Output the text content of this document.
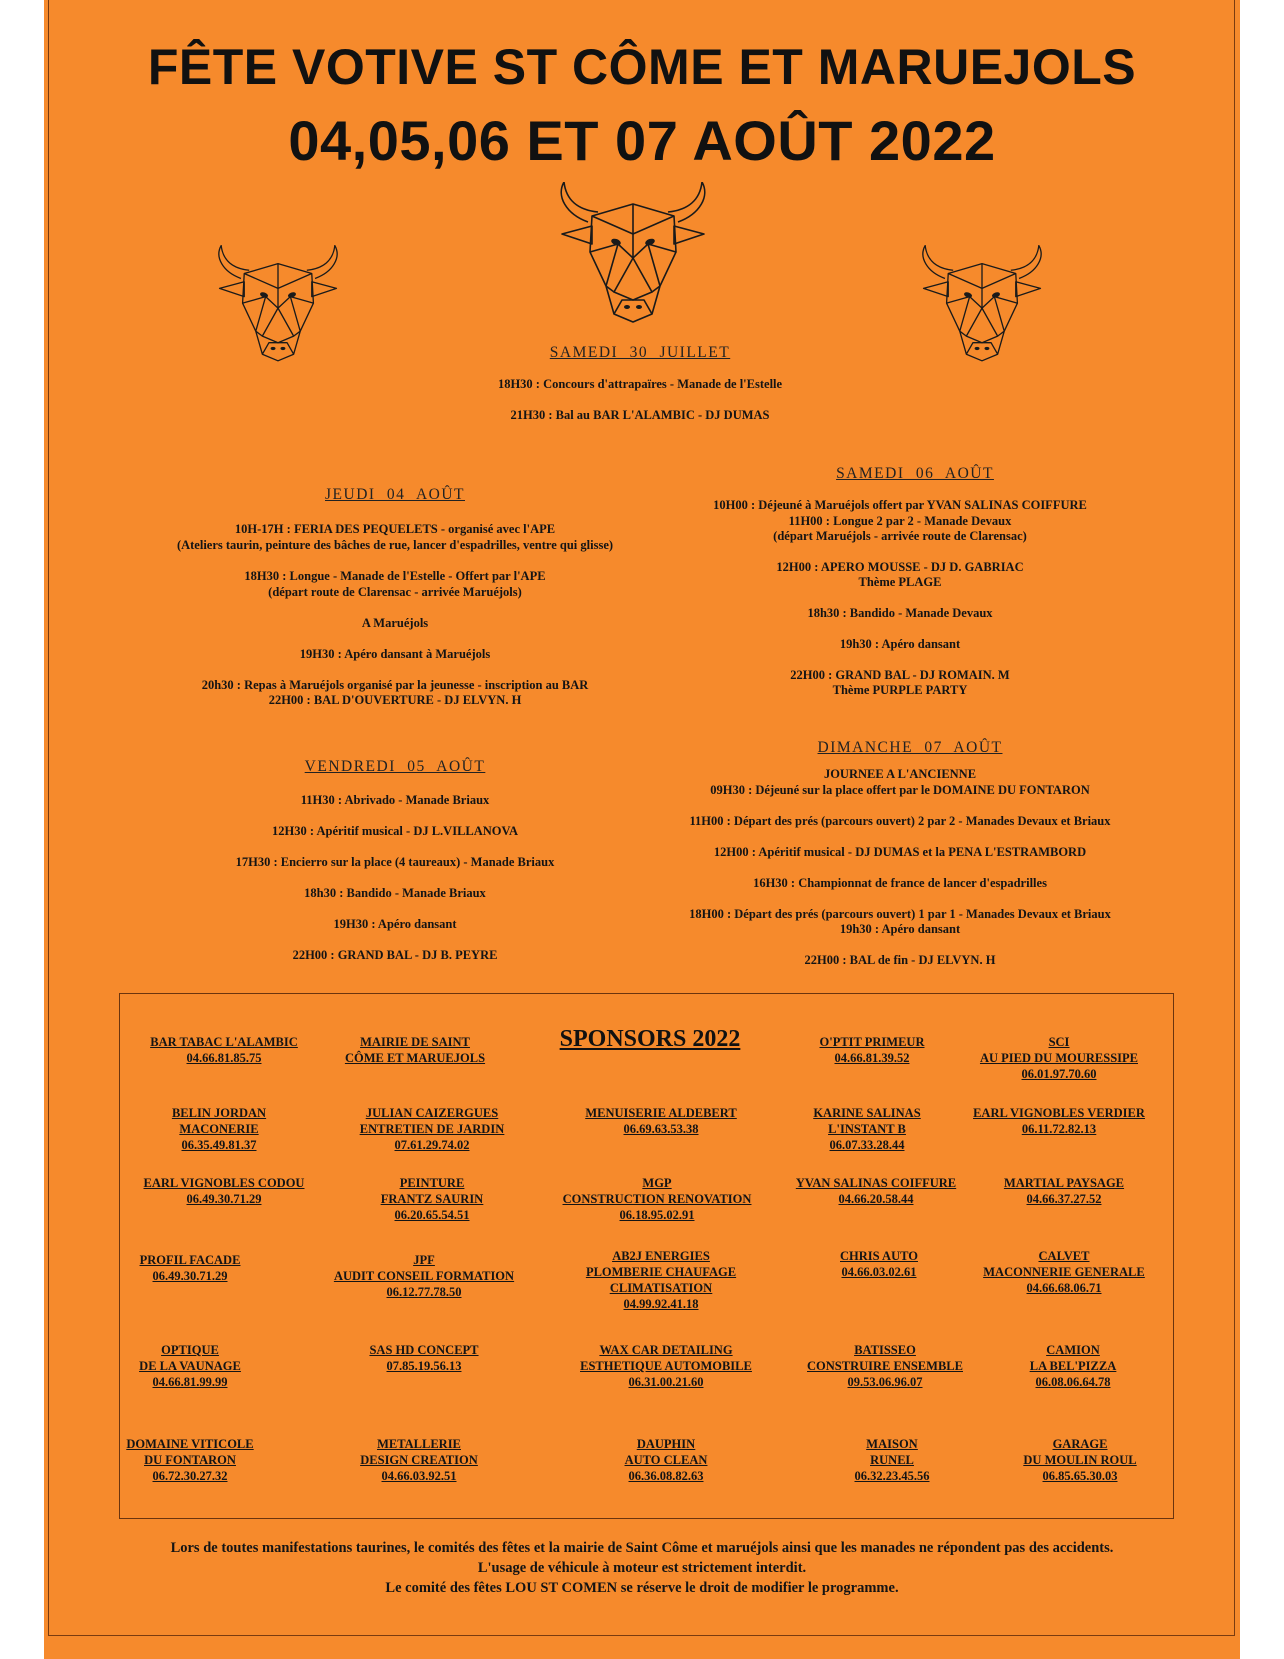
FÊTE VOTIVE ST CÔME ET MARUEJOLS
04,05,06 ET 07 AOÛT 2022
SAMEDI 30 JUILLET
18H30 : Concours d'attrapaïres - Manade de l'Estelle
21H30 : Bal au BAR L'ALAMBIC - DJ DUMAS
JEUDI 04 AOÛT
10H-17H : FERIA DES PEQUELETS - organisé avec l'APE
(Ateliers taurin, peinture des bâches de rue, lancer d'espadrilles, ventre qui glisse)
18H30 : Longue - Manade de l'Estelle - Offert par l'APE
(départ route de Clarensac - arrivée Maruéjols)
A Maruéjols
19H30 : Apéro dansant à Maruéjols
20h30 : Repas à Maruéjols organisé par la jeunesse - inscription au BAR
22H00 : BAL D'OUVERTURE - DJ ELVYN. H
VENDREDI 05 AOÛT
11H30 : Abrivado - Manade Briaux
12H30 : Apéritif musical - DJ L.VILLANOVA
17H30 : Encierro sur la place (4 taureaux) - Manade Briaux
18h30 : Bandido - Manade Briaux
19H30 : Apéro dansant
22H00 : GRAND BAL - DJ B. PEYRE
SAMEDI 06 AOÛT
10H00 : Déjeuné à Maruéjols offert par YVAN SALINAS COIFFURE
11H00 : Longue 2 par 2 - Manade Devaux
(départ Maruéjols - arrivée route de Clarensac)
12H00 : APERO MOUSSE - DJ D. GABRIAC
Thème PLAGE
18h30 : Bandido - Manade Devaux
19h30 : Apéro dansant
22H00 : GRAND BAL - DJ ROMAIN. M
Thème PURPLE PARTY
DIMANCHE 07 AOÛT
JOURNEE A L'ANCIENNE
09H30 : Déjeuné sur la place offert par le DOMAINE DU FONTARON
11H00 : Départ des prés (parcours ouvert) 2 par 2 - Manades Devaux et Briaux
12H00 : Apéritif musical - DJ DUMAS et la PENA L'ESTRAMBORD
16H30 : Championnat de france de lancer d'espadrilles
18H00 : Départ des prés (parcours ouvert) 1 par 1 - Manades Devaux et Briaux
19h30 : Apéro dansant
22H00 : BAL de fin - DJ ELVYN. H
SPONSORS 2022
BAR TABAC L'ALAMBIC
04.66.81.85.75
MAIRIE DE SAINT
CÔME ET MARUEJOLS
O'PTIT PRIMEUR
04.66.81.39.52
SCI
AU PIED DU MOURESSIPE
06.01.97.70.60
BELIN JORDAN
MACONERIE
06.35.49.81.37
JULIAN CAIZERGUES
ENTRETIEN DE JARDIN
07.61.29.74.02
MENUISERIE ALDEBERT
06.69.63.53.38
KARINE SALINAS
L'INSTANT B
06.07.33.28.44
EARL VIGNOBLES VERDIER
06.11.72.82.13
EARL VIGNOBLES CODOU
06.49.30.71.29
PEINTURE
FRANTZ SAURIN
06.20.65.54.51
MGP
CONSTRUCTION RENOVATION
06.18.95.02.91
YVAN SALINAS COIFFURE
04.66.20.58.44
MARTIAL PAYSAGE
04.66.37.27.52
PROFIL FACADE
06.49.30.71.29
JPF
AUDIT CONSEIL FORMATION
06.12.77.78.50
AB2J ENERGIES
PLOMBERIE CHAUFAGE
CLIMATISATION
04.99.92.41.18
CHRIS AUTO
04.66.03.02.61
CALVET
MACONNERIE GENERALE
04.66.68.06.71
OPTIQUE
DE LA VAUNAGE
04.66.81.99.99
SAS HD CONCEPT
07.85.19.56.13
WAX CAR DETAILING
ESTHETIQUE AUTOMOBILE
06.31.00.21.60
BATISSEO
CONSTRUIRE ENSEMBLE
09.53.06.96.07
CAMION
LA BEL'PIZZA
06.08.06.64.78
DOMAINE VITICOLE
DU FONTARON
06.72.30.27.32
METALLERIE
DESIGN CREATION
04.66.03.92.51
DAUPHIN
AUTO CLEAN
06.36.08.82.63
MAISON
RUNEL
06.32.23.45.56
GARAGE
DU MOULIN ROUL
06.85.65.30.03
Lors de toutes manifestations taurines, le comités des fêtes et la mairie de Saint Côme et maruéjols ainsi que les manades ne répondent pas des accidents.
L'usage de véhicule à moteur est strictement interdit.
Le comité des fêtes LOU ST COMEN se réserve le droit de modifier le programme.
